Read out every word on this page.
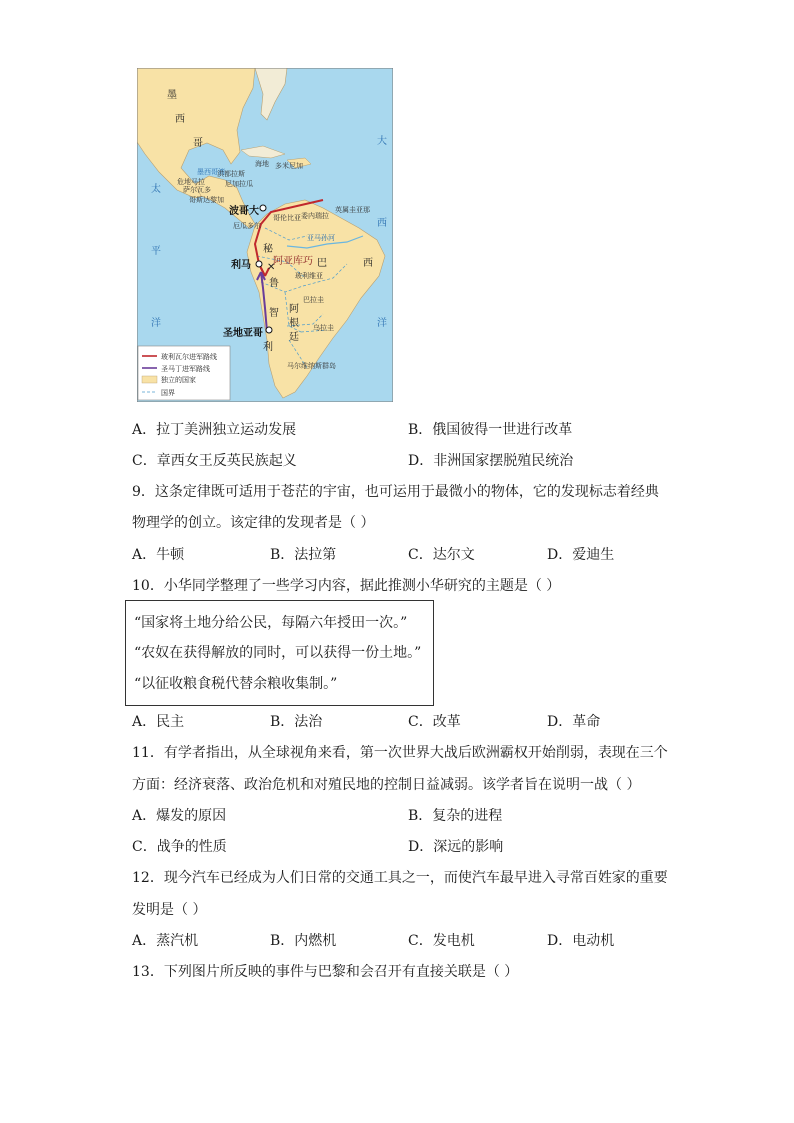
✕
墨
西
哥
墨西哥湾
海地 多米尼加
洪都拉斯
危地马拉	尼加拉瓜
萨尔瓦多
哥斯达黎加
波哥大	委内瑞拉
哥伦比亚
厄瓜多尔
英属圭亚那
亚马孙河
巴	西
利马
秘
鲁
阿亚库巧
玻利维亚
巴拉圭
乌拉圭
阿
根
廷
智
利
圣地亚哥
马尔维纳斯群岛
太
平
洋
大
西
洋
玻利瓦尔进军路线
圣马丁进军路线
独立的国家
国界
A．拉丁美洲独立运动发展	B．俄国彼得一世进行改革
C．章西女王反英民族起义	D．非洲国家摆脱殖民统治
9．这条定律既可适用于苍茫的宇宙，也可运用于最微小的物体，它的发现标志着经典
物理学的创立。该定律的发现者是（ ）
A．牛顿	B．法拉第	C．达尔文	D．爱迪生
10．小华同学整理了一些学习内容，据此推测小华研究的主题是（ ）
“国家将土地分给公民，每隔六年授田一次。”
“农奴在获得解放的同时，可以获得一份土地。”
“以征收粮食税代替余粮收集制。”
A．民主	B．法治	C．改革	D．革命
11．有学者指出，从全球视角来看，第一次世界大战后欧洲霸权开始削弱，表现在三个
方面：经济衰落、政治危机和对殖民地的控制日益减弱。该学者旨在说明一战（ ）
A．爆发的原因	B．复杂的进程
C．战争的性质	D．深远的影响
12．现今汽车已经成为人们日常的交通工具之一，而使汽车最早进入寻常百姓家的重要
发明是（ ）
A．蒸汽机	B．内燃机	C．发电机	D．电动机
13．下列图片所反映的事件与巴黎和会召开有直接关联是（ ）
